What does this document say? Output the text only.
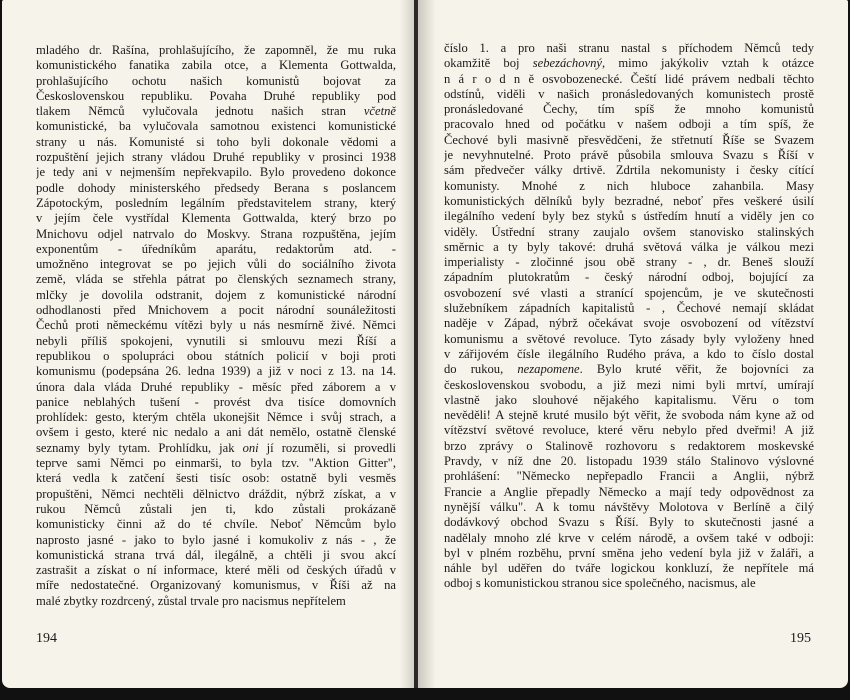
mladého dr. Rašína, prohlašujícího, že zapomněl, že mu ruka
komunistického fanatika zabila otce, a Klementa Gottwalda,
prohlašujícího ochotu našich komunistů bojovat za
Československou republiku. Povaha Druhé republiky pod
tlakem Němců vylučovala jednotu našich stran včetně
komunistické, ba vylučovala samotnou existenci komunistické
strany u nás. Komunisté si toho byli dokonale vědomi a
rozpuštění jejich strany vládou Druhé republiky v prosinci 1938
je tedy ani v nejmenším nepřekvapilo. Bylo provedeno dokonce
podle dohody ministerského předsedy Berana s poslancem
Zápotockým, posledním legálním představitelem strany, který
v jejím čele vystřídal Klementa Gottwalda, který brzo po
Mnichovu odjel natrvalo do Moskvy. Strana rozpuštěna, jejím
exponentům - úředníkům aparátu, redaktorům atd. -
umožněno integrovat se po jejich vůli do sociálního života
země, vláda se střehla pátrat po členských seznamech strany,
mlčky je dovolila odstranit, dojem z komunistické národní
odhodlanosti před Mnichovem a pocit národní sounáležitosti
Čechů proti německému vítězi byly u nás nesmírně živé. Němci
nebyli příliš spokojeni, vynutili si smlouvu mezi Říší a
republikou o spolupráci obou státních policií v boji proti
komunismu (podepsána 26. ledna 1939) a již v noci z 13. na 14.
února dala vláda Druhé republiky - měsíc před záborem a v
panice neblahých tušení - provést dva tisíce domovních
prohlídek: gesto, kterým chtěla ukonejšit Němce i svůj strach, a
ovšem i gesto, které nic nedalo a ani dát nemělo, ostatně členské
seznamy byly tytam. Prohlídku, jak oni jí rozuměli, si provedli
teprve sami Němci po einmarši, to byla tzv. "Aktion Gitter",
která vedla k zatčení šesti tisíc osob: ostatně byli vesměs
propuštěni, Němci nechtěli dělnictvo dráždit, nýbrž získat, a v
rukou Němců zůstali jen ti, kdo zůstali prokázaně
komunisticky činni až do té chvíle. Neboť Němcům bylo
naprosto jasné - jako to bylo jasné i komukoliv z nás - , že
komunistická strana trvá dál, ilegálně, a chtěli ji svou akcí
zastrašit a získat o ní informace, které měli od českých úřadů v
míře nedostatečné. Organizovaný komunismus, v Říši až na
malé zbytky rozdrcený, zůstal trvale pro nacismus nepřítelem
194
číslo 1. a pro naši stranu nastal s příchodem Němců tedy
okamžitě boj sebezáchovný, mimo jakýkoliv vztah k otázce
n á r o d n ě osvobozenecké. Čeští lidé právem nedbali těchto
odstínů, viděli v našich pronásledovaných komunistech prostě
pronásledované Čechy, tím spíš že mnoho komunistů
pracovalo hned od počátku v našem odboji a tím spíš, že
Čechové byli masivně přesvědčeni, že střetnutí Říše se Svazem
je nevyhnutelné. Proto právě působila smlouva Svazu s Říší v
sám předvečer války drtivě. Zdrtila nekomunisty i česky cítící
komunisty. Mnohé z nich hluboce zahanbila. Masy
komunistických dělníků byly bezradné, neboť přes veškeré úsilí
ilegálního vedení byly bez styků s ústředím hnutí a viděly jen co
viděly. Ústřední strany zaujalo ovšem stanovisko stalinských
směrnic a ty byly takové: druhá světová válka je válkou mezi
imperialisty - zločinné jsou obě strany - , dr. Beneš slouží
západním plutokratům - český národní odboj, bojující za
osvobození své vlasti a stranící spojencům, je ve skutečnosti
služebníkem západních kapitalistů - , Čechové nemají skládat
naděje v Západ, nýbrž očekávat svoje osvobození od vítězství
komunismu a světové revoluce. Tyto zásady byly vyloženy hned
v zářijovém čísle ilegálního Rudého práva, a kdo to číslo dostal
do rukou, nezapomene. Bylo kruté věřit, že bojovníci za
československou svobodu, a již mezi nimi byli mrtví, umírají
vlastně jako slouhové nějakého kapitalismu. Věru o tom
nevěděli! A stejně kruté musilo být věřit, že svoboda nám kyne až od
vítězství světové revoluce, které věru nebylo před dveřmi! A již
brzo zprávy o Stalinově rozhovoru s redaktorem moskevské
Pravdy, v níž dne 20. listopadu 1939 stálo Stalinovo výslovné
prohlášení: "Německo nepřepadlo Francii a Anglii, nýbrž
Francie a Anglie přepadly Německo a mají tedy odpovědnost za
nynější válku". A k tomu návštěvy Molotova v Berlíně a čilý
dodávkový obchod Svazu s Říší. Byly to skutečnosti jasné a
nadělaly mnoho zlé krve v celém národě, a ovšem také v odboji:
byl v plném rozběhu, první směna jeho vedení byla již v žaláři, a
náhle byl uděřen do tváře logickou konkluzí, že nepřítele má
odboj s komunistickou stranou sice společného, nacismus, ale
195
